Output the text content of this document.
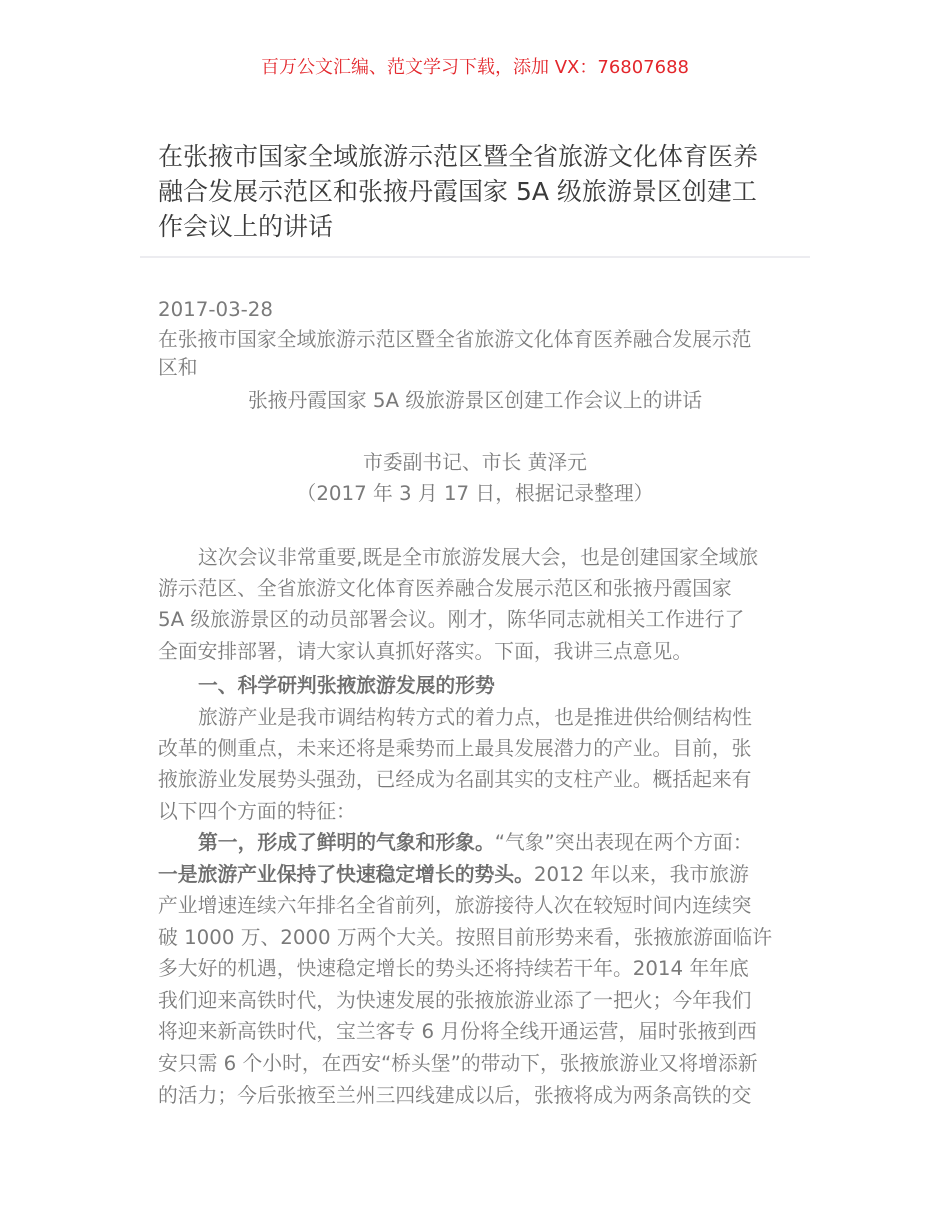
百万公文汇编、范文学习下载，添加 VX：76807688
在张掖市国家全域旅游示范区暨全省旅游文化体育医养
融合发展示范区和张掖丹霞国家 5A 级旅游景区创建工
作会议上的讲话
2017-03-28
在张掖市国家全域旅游示范区暨全省旅游文化体育医养融合发展示范
区和
张掖丹霞国家 5A 级旅游景区创建工作会议上的讲话
市委副书记、市长 黄泽元
（2017 年 3 月 17 日，根据记录整理）
这次会议非常重要,既是全市旅游发展大会，也是创建国家全域旅
游示范区、全省旅游文化体育医养融合发展示范区和张掖丹霞国家
5A 级旅游景区的动员部署会议。刚才，陈华同志就相关工作进行了
全面安排部署，请大家认真抓好落实。下面，我讲三点意见。
一、科学研判张掖旅游发展的形势
旅游产业是我市调结构转方式的着力点，也是推进供给侧结构性
改革的侧重点，未来还将是乘势而上最具发展潜力的产业。目前，张
掖旅游业发展势头强劲，已经成为名副其实的支柱产业。概括起来有
以下四个方面的特征：
第一，形成了鲜明的气象和形象。“气象”突出表现在两个方面：
一是旅游产业保持了快速稳定增长的势头。2012 年以来，我市旅游
产业增速连续六年排名全省前列，旅游接待人次在较短时间内连续突
破 1000 万、2000 万两个大关。按照目前形势来看，张掖旅游面临许
多大好的机遇，快速稳定增长的势头还将持续若干年。2014 年年底
我们迎来高铁时代，为快速发展的张掖旅游业添了一把火；今年我们
将迎来新高铁时代，宝兰客专 6 月份将全线开通运营，届时张掖到西
安只需 6 个小时，在西安“桥头堡”的带动下，张掖旅游业又将增添新
的活力；今后张掖至兰州三四线建成以后，张掖将成为两条高铁的交
